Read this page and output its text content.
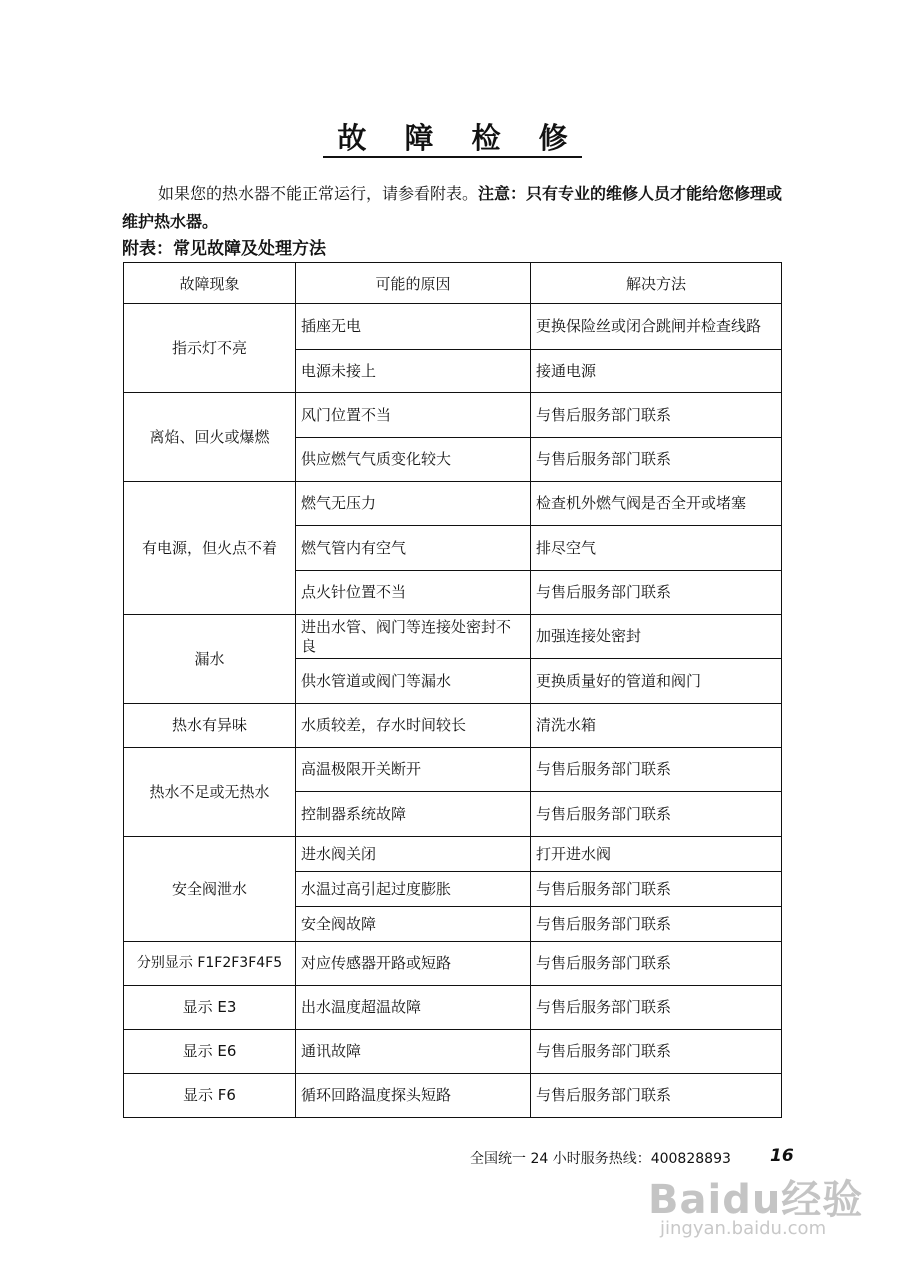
故 障 检 修
如果您的热水器不能正常运行，请参看附表。注意：只有专业的维修人员才能给您修理或维护热水器。
附表：常见故障及处理方法
故障现象	可能的原因	解决方法
指示灯不亮	插座无电	更换保险丝或闭合跳闸并检查线路
	电源未接上	接通电源
离焰、回火或爆燃	风门位置不当	与售后服务部门联系
	供应燃气气质变化较大	与售后服务部门联系
有电源，但火点不着	燃气无压力	检查机外燃气阀是否全开或堵塞
	燃气管内有空气	排尽空气
	点火针位置不当	与售后服务部门联系
漏水	进出水管、阀门等连接处密封不良	加强连接处密封
	供水管道或阀门等漏水	更换质量好的管道和阀门
热水有异味	水质较差，存水时间较长	清洗水箱
热水不足或无热水	高温极限开关断开	与售后服务部门联系
	控制器系统故障	与售后服务部门联系
安全阀泄水	进水阀关闭	打开进水阀
	水温过高引起过度膨胀	与售后服务部门联系
	安全阀故障	与售后服务部门联系
分别显示 F1F2F3F4F5	对应传感器开路或短路	与售后服务部门联系
显示 E3	出水温度超温故障	与售后服务部门联系
显示 E6	通讯故障	与售后服务部门联系
显示 F6	循环回路温度探头短路	与售后服务部门联系
全国统一 24 小时服务热线：400828893 16
Baidu经验
jingyan.baidu.com
